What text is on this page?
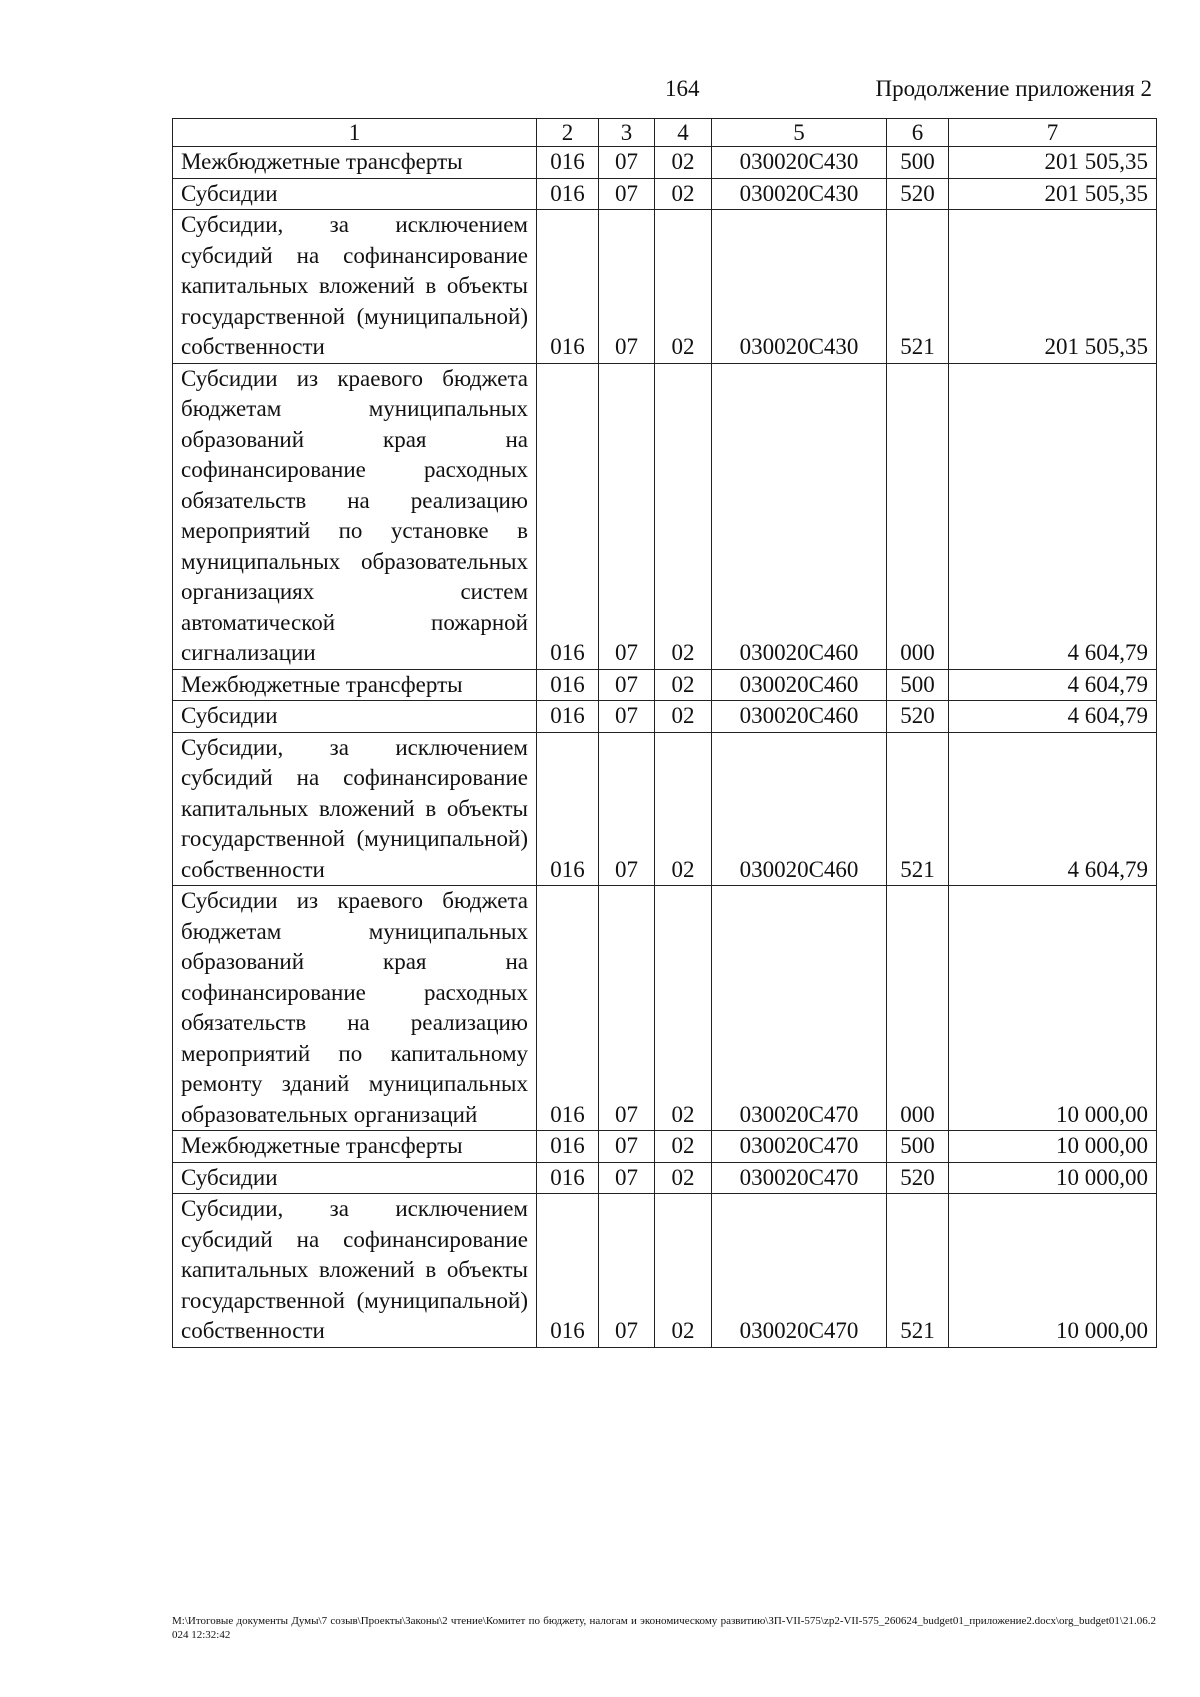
164	Продолжение приложения 2
1	2	3	4	5	6	7
Межбюджетные трансферты	016	07	02	030020С430	500	201 505,35
Субсидии	016	07	02	030020С430	520	201 505,35
Субсидии, за исключением субсидий на софинансирование капитальных вложений в объекты государственной (муниципальной) собственности	016	07	02	030020С430	521	201 505,35
Субсидии из краевого бюджета бюджетам муниципальных образований края на софинансирование расходных обязательств на реализацию мероприятий по установке в муниципальных образовательных организациях систем автоматической пожарной сигнализации	016	07	02	030020С460	000	4 604,79
Межбюджетные трансферты	016	07	02	030020С460	500	4 604,79
Субсидии	016	07	02	030020С460	520	4 604,79
Субсидии, за исключением субсидий на софинансирование капитальных вложений в объекты государственной (муниципальной) собственности	016	07	02	030020С460	521	4 604,79
Субсидии из краевого бюджета бюджетам муниципальных образований края на софинансирование расходных обязательств на реализацию мероприятий по капитальному ремонту зданий муниципальных образовательных организаций	016	07	02	030020С470	000	10 000,00
Межбюджетные трансферты	016	07	02	030020С470	500	10 000,00
Субсидии	016	07	02	030020С470	520	10 000,00
Субсидии, за исключением субсидий на софинансирование капитальных вложений в объекты государственной (муниципальной) собственности	016	07	02	030020С470	521	10 000,00
М:\Итоговые документы Думы\7 созыв\Проекты\Законы\2 чтение\Комитет по бюджету, налогам и экономическому развитию\ЗП-VII-575\zp2-VII-575_260624_budget01_приложение2.docx\org_budget01\21.06.2024 12:32:42
